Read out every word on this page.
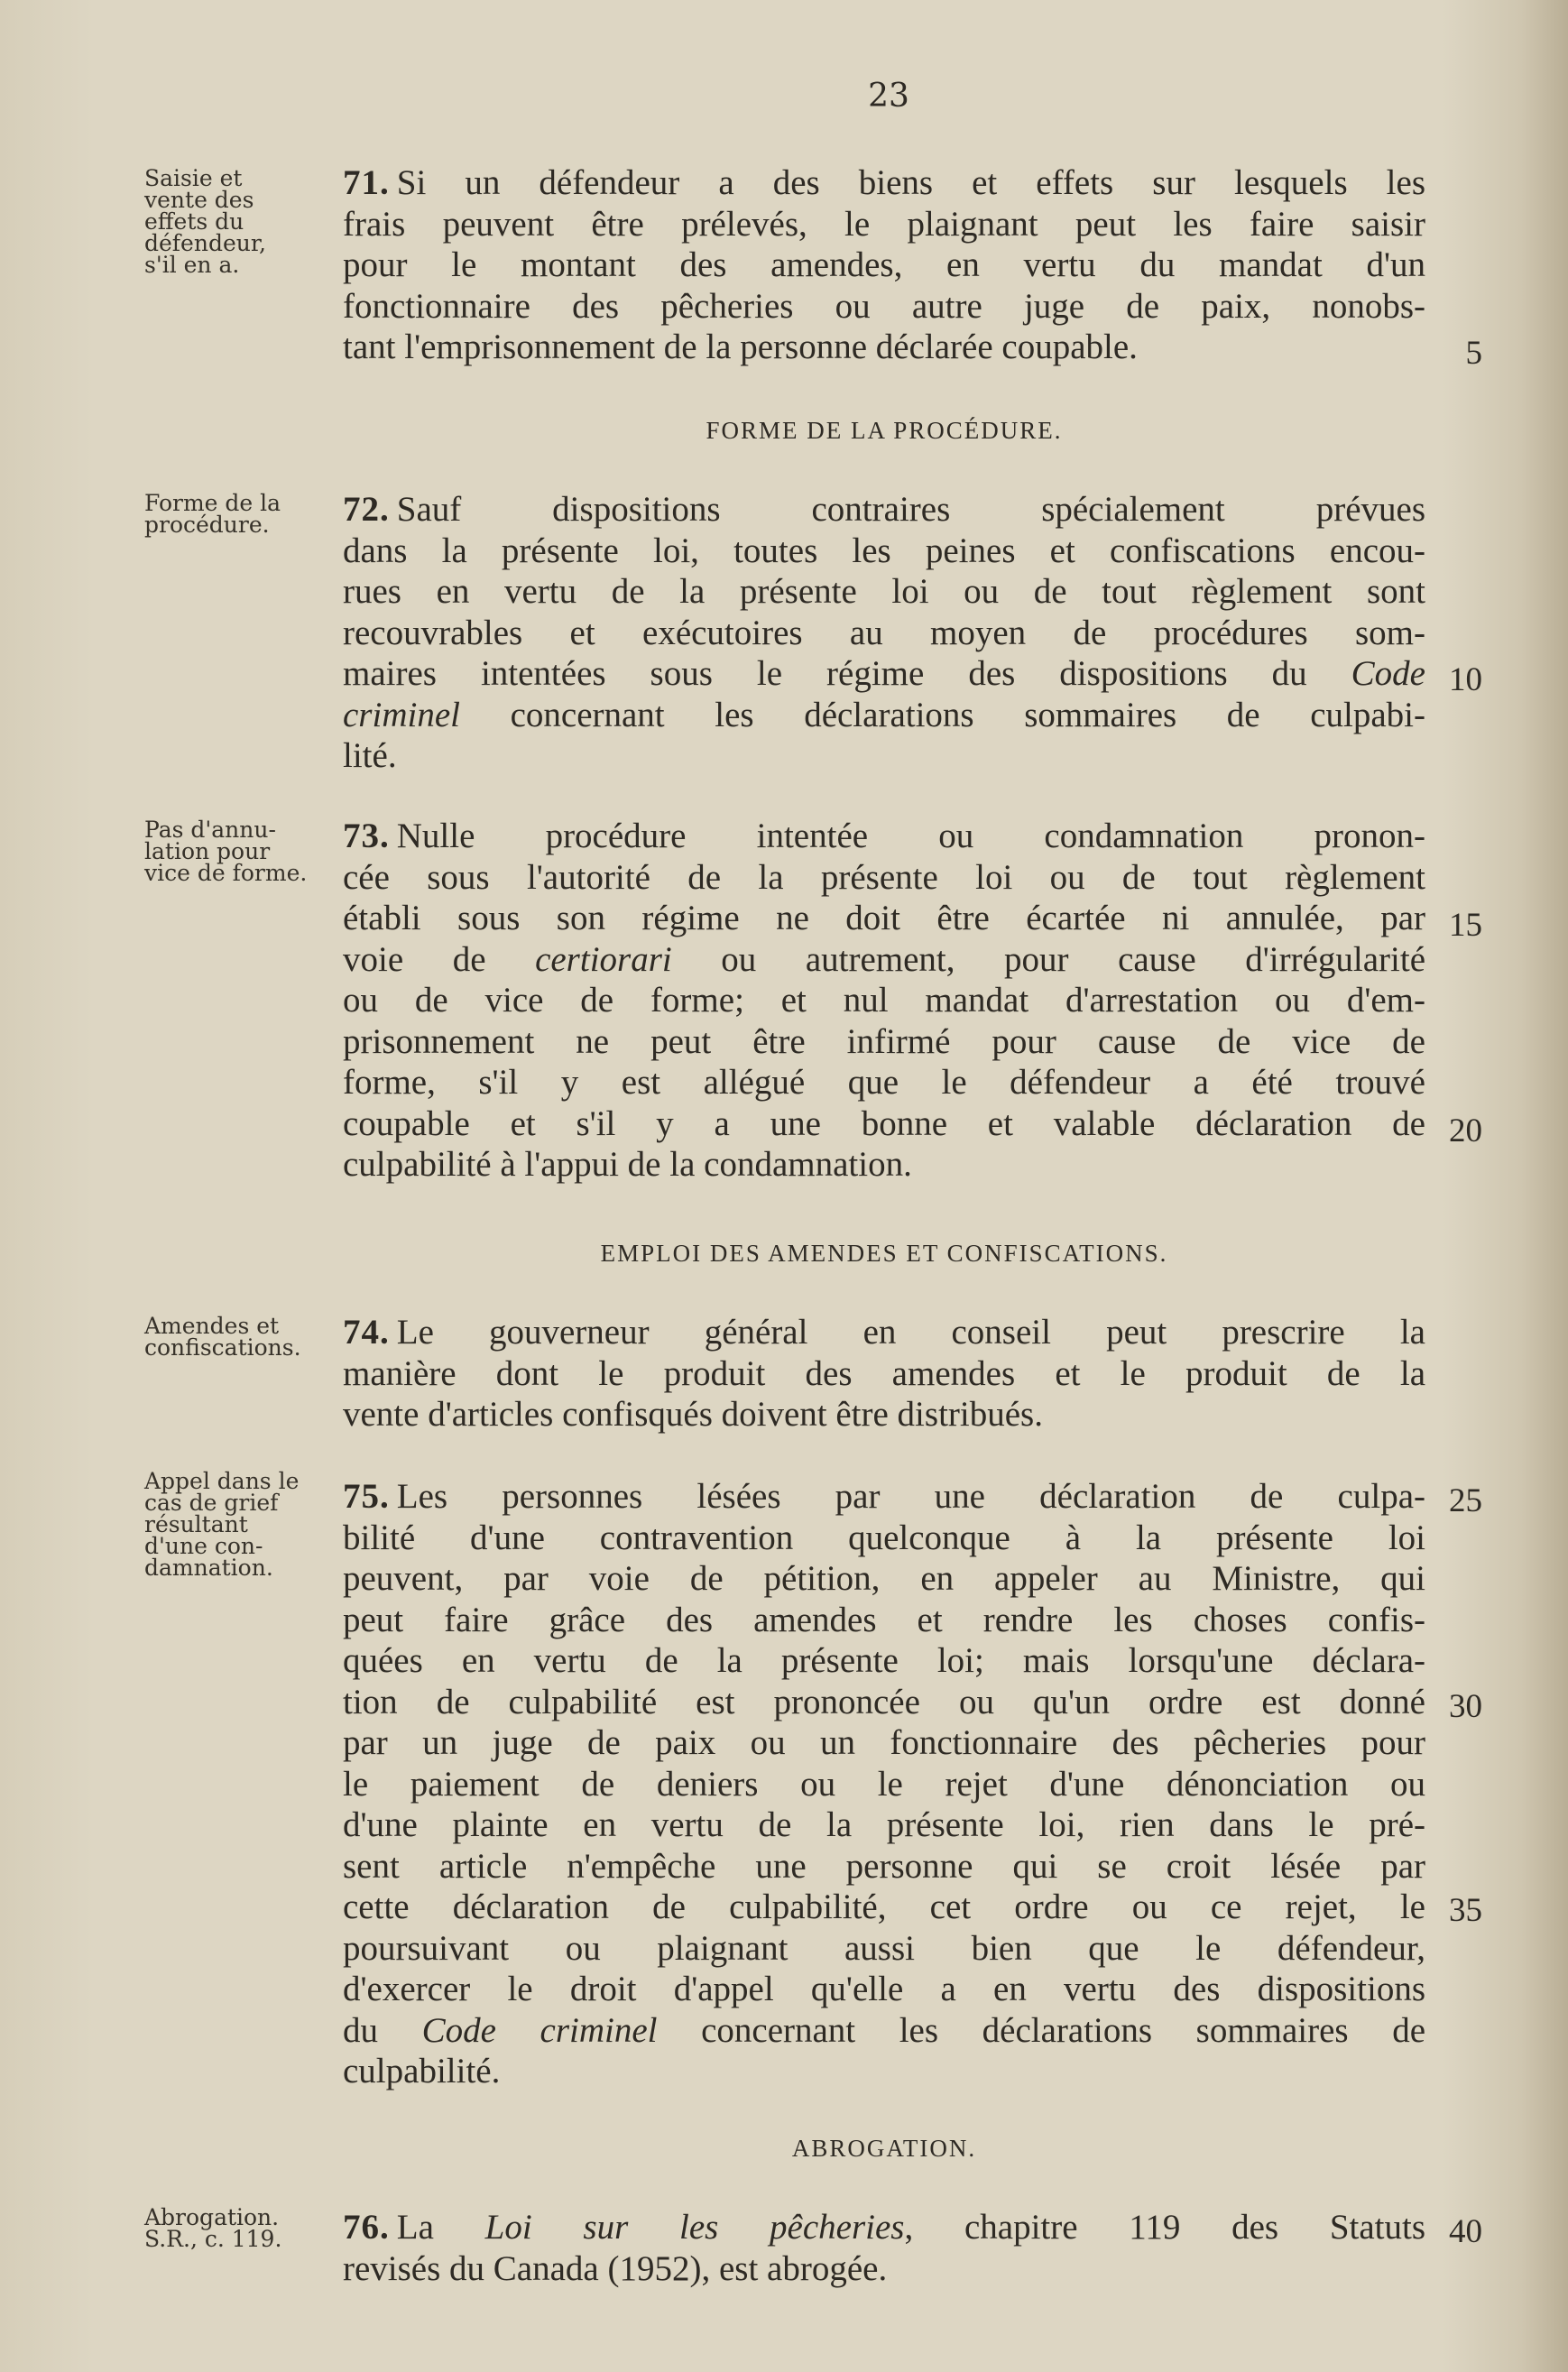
23
Saisie et
vente des
effets du
défendeur,
s'il en a.
71. Si un défendeur a des biens et effets sur lesquels les
frais peuvent être prélevés, le plaignant peut les faire saisir
pour le montant des amendes, en vertu du mandat d'un
fonctionnaire des pêcheries ou autre juge de paix, nonobs-
tant l'emprisonnement de la personne déclarée coupable.	5
FORME DE LA PROCÉDURE.
Forme de la
procédure.	72. Sauf dispositions contraires spécialement prévues
dans la présente loi, toutes les peines et confiscations encou-
rues en vertu de la présente loi ou de tout règlement sont
recouvrables et exécutoires au moyen de procédures som-
maires intentées sous le régime des dispositions du Code
criminel concernant les déclarations sommaires de culpabi-
lité.
10
Pas d'annu-
lation pour
vice de forme.
73. Nulle procédure intentée ou condamnation pronon-
cée sous l'autorité de la présente loi ou de tout règlement
établi sous son régime ne doit être écartée ni annulée, par
voie de certiorari ou autrement, pour cause d'irrégularité
ou de vice de forme; et nul mandat d'arrestation ou d'em-
prisonnement ne peut être infirmé pour cause de vice de
forme, s'il y est allégué que le défendeur a été trouvé
coupable et s'il y a une bonne et valable déclaration de
culpabilité à l'appui de la condamnation.
15
20
EMPLOI DES AMENDES ET CONFISCATIONS.
Amendes et
confiscations.	74. Le gouverneur général en conseil peut prescrire la
manière dont le produit des amendes et le produit de la
vente d'articles confisqués doivent être distribués.
Appel dans le
cas de grief
résultant
d'une con-
damnation.
75. Les personnes lésées par une déclaration de culpa-
bilité d'une contravention quelconque à la présente loi
peuvent, par voie de pétition, en appeler au Ministre, qui
peut faire grâce des amendes et rendre les choses confis-
quées en vertu de la présente loi; mais lorsqu'une déclara-
tion de culpabilité est prononcée ou qu'un ordre est donné
par un juge de paix ou un fonctionnaire des pêcheries pour
le paiement de deniers ou le rejet d'une dénonciation ou
d'une plainte en vertu de la présente loi, rien dans le pré-
sent article n'empêche une personne qui se croit lésée par
cette déclaration de culpabilité, cet ordre ou ce rejet, le
poursuivant ou plaignant aussi bien que le défendeur,
d'exercer le droit d'appel qu'elle a en vertu des dispositions
du Code criminel concernant les déclarations sommaires de
culpabilité.
25
30
35
ABROGATION.
Abrogation.
S.R., c. 119.	76. La Loi sur les pêcheries, chapitre 119 des Statuts
revisés du Canada (1952), est abrogée.
40
